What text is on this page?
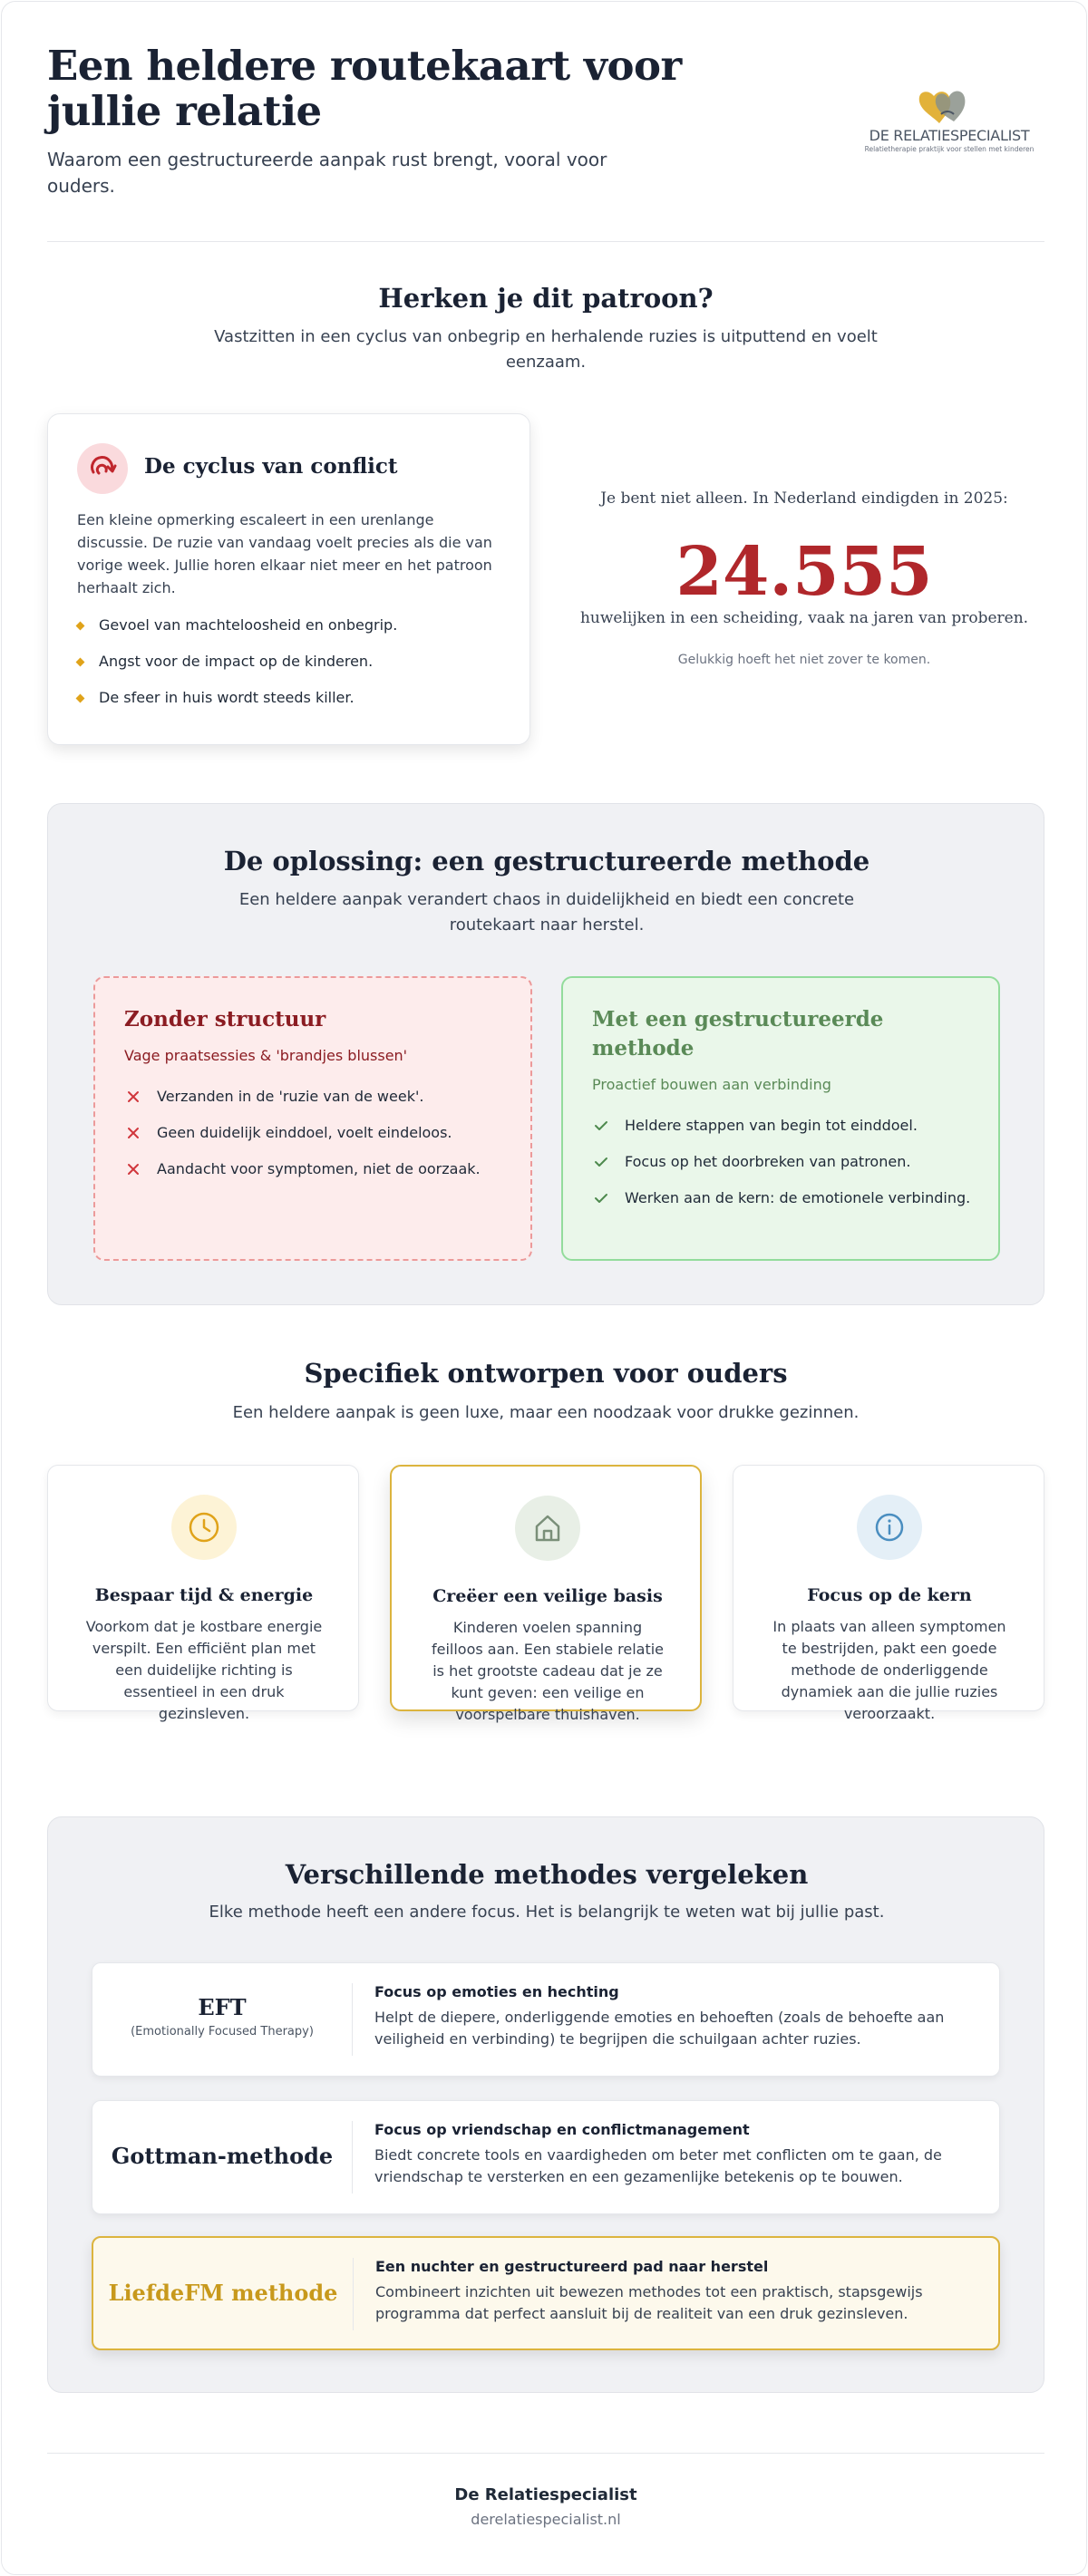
Een heldere routekaart voor jullie relatie

Waarom een gestructureerde aanpak rust brengt, vooral voor ouders.

DE RELATIESPECIALIST
Relatietherapie praktijk voor stellen met kinderen
Herken je dit patroon?

Vastzitten in een cyclus van onbegrip en herhalende ruzies is uitputtend en voelt eenzaam.

De cyclus van conflict

Een kleine opmerking escaleert in een urenlange discussie. De ruzie van vandaag voelt precies als die van vorige week. Jullie horen elkaar niet meer en het patroon herhaalt zich.

Gevoel van machteloosheid en onbegrip.
Angst voor de impact op de kinderen.
De sfeer in huis wordt steeds killer.

Je bent niet alleen. In Nederland eindigden in 2025:

24.555

huwelijken in een scheiding, vaak na jaren van proberen.

Gelukkig hoeft het niet zover te komen.

De oplossing: een gestructureerde methode

Een heldere aanpak verandert chaos in duidelijkheid en biedt een concrete routekaart naar herstel.

Zonder structuur

Vage praatsessies & 'brandjes blussen'

Verzanden in de 'ruzie van de week'.
Geen duidelijk einddoel, voelt eindeloos.
Aandacht voor symptomen, niet de oorzaak.
Met een gestructureerde methode

Proactief bouwen aan verbinding

Heldere stappen van begin tot einddoel.
Focus op het doorbreken van patronen.
Werken aan de kern: de emotionele verbinding.
Specifiek ontworpen voor ouders

Een heldere aanpak is geen luxe, maar een noodzaak voor drukke gezinnen.

Bespaar tijd & energie

Voorkom dat je kostbare energie verspilt. Een efficiënt plan met een duidelijke richting is essentieel in een druk gezinsleven.

Creëer een veilige basis

Kinderen voelen spanning feilloos aan. Een stabiele relatie is het grootste cadeau dat je ze kunt geven: een veilige en voorspelbare thuishaven.

Focus op de kern

In plaats van alleen symptomen te bestrijden, pakt een goede methode de onderliggende dynamiek aan die jullie ruzies veroorzaakt.

Verschillende methodes vergeleken

Elke methode heeft een andere focus. Het is belangrijk te weten wat bij jullie past.

EFT
(Emotionally Focused Therapy)
Focus op emoties en hechting
Helpt de diepere, onderliggende emoties en behoeften (zoals de behoefte aan veiligheid en verbinding) te begrijpen die schuilgaan achter ruzies.
Gottman-methode
Focus op vriendschap en conflictmanagement
Biedt concrete tools en vaardigheden om beter met conflicten om te gaan, de vriendschap te versterken en een gezamenlijke betekenis op te bouwen.
LiefdeFM methode
Een nuchter en gestructureerd pad naar herstel
Combineert inzichten uit bewezen methodes tot een praktisch, stapsgewijs programma dat perfect aansluit bij de realiteit van een druk gezinsleven.
De Relatiespecialist
derelatiespecialist.nl
